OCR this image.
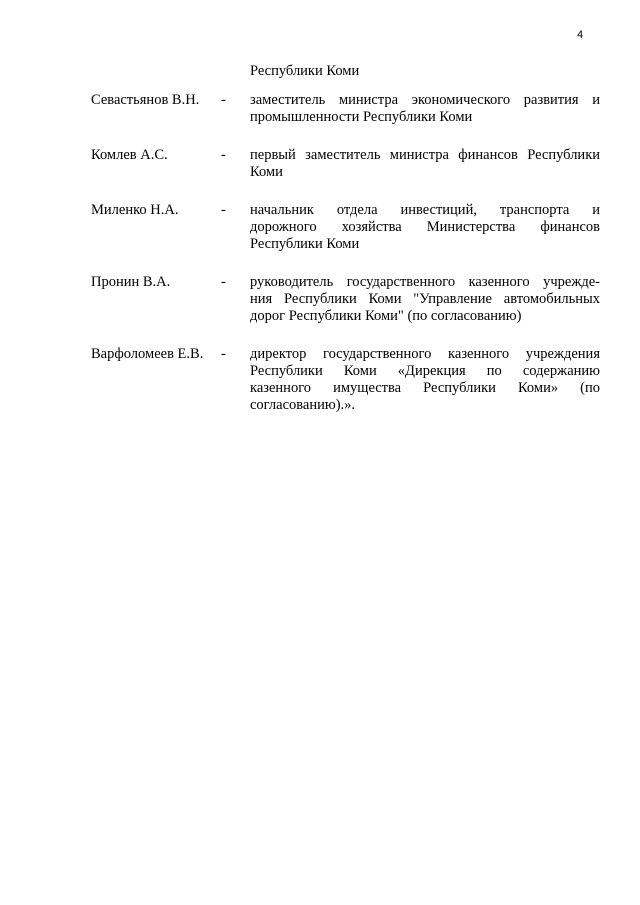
4
Республики Коми
Севастьянов В.Н.	-	заместитель министра экономического развития и
промышленности Республики Коми
Комлев А.С.	-	первый заместитель министра финансов Республики
Коми
Миленко Н.А.	-	начальник отдела инвестиций, транспорта и
дорожного хозяйства Министерства финансов
Республики Коми
Пронин В.А.	-	руководитель государственного казенного учрежде-
ния Республики Коми "Управление автомобильных
дорог Республики Коми" (по согласованию)
Варфоломеев Е.В.	-	директор государственного казенного учреждения
Республики Коми «Дирекция по содержанию
казенного имущества Республики Коми» (по
согласованию).».
